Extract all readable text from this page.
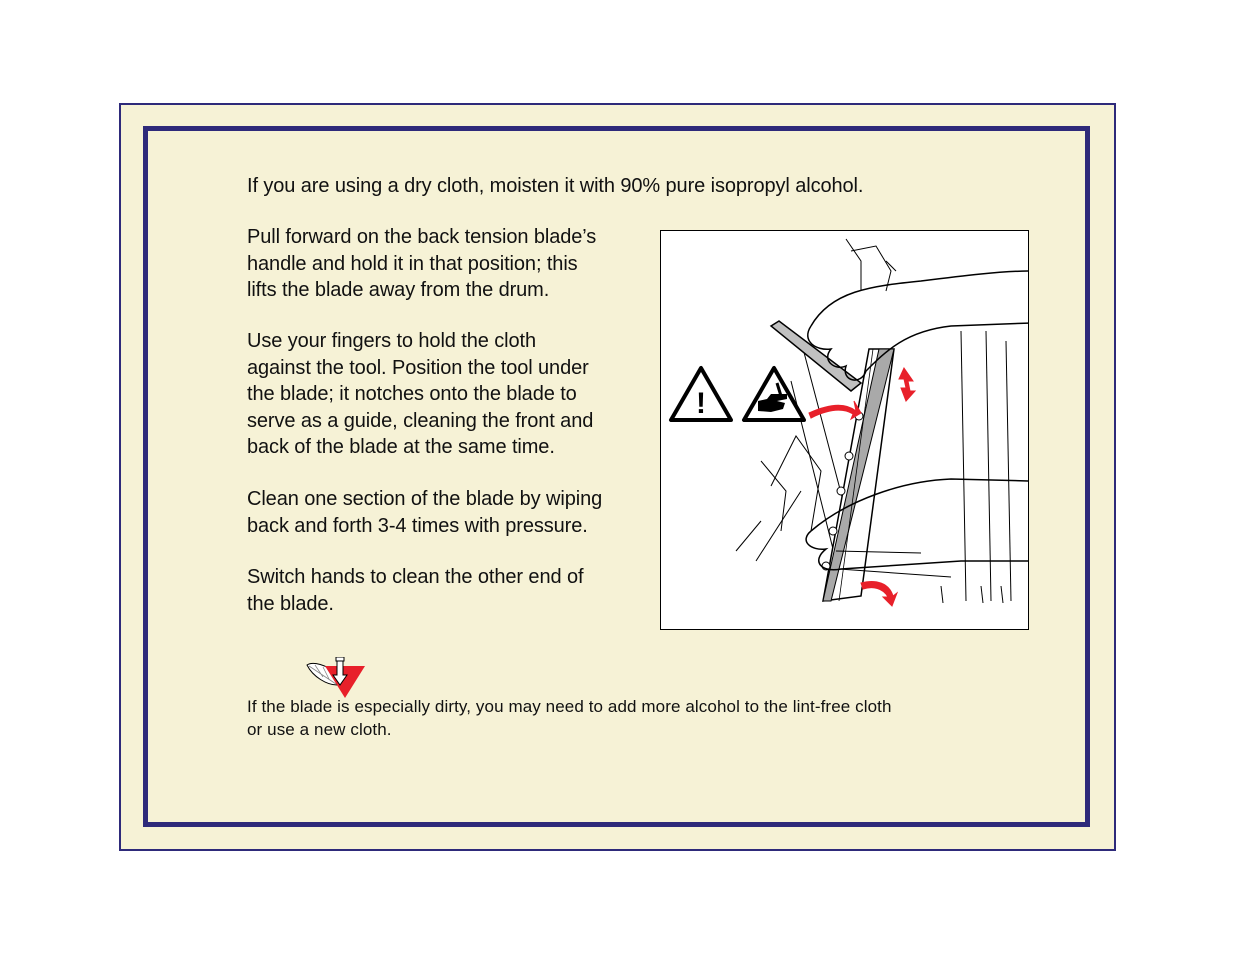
If you are using a dry cloth, moisten it with 90% pure isopropyl alcohol.

Pull forward on the back tension blade’s
handle and hold it in that position; this
lifts the blade away from the drum.

Use your fingers to hold the cloth
against the tool. Position the tool under
the blade; it notches onto the blade to
serve as a guide, cleaning the front and
back of the blade at the same time.

Clean one section of the blade by wiping
back and forth 3-4 times with pressure.

Switch hands to clean the other end of
the blade.

!

If the blade is especially dirty, you may need to add more alcohol to the lint-free cloth
or use a new cloth.
